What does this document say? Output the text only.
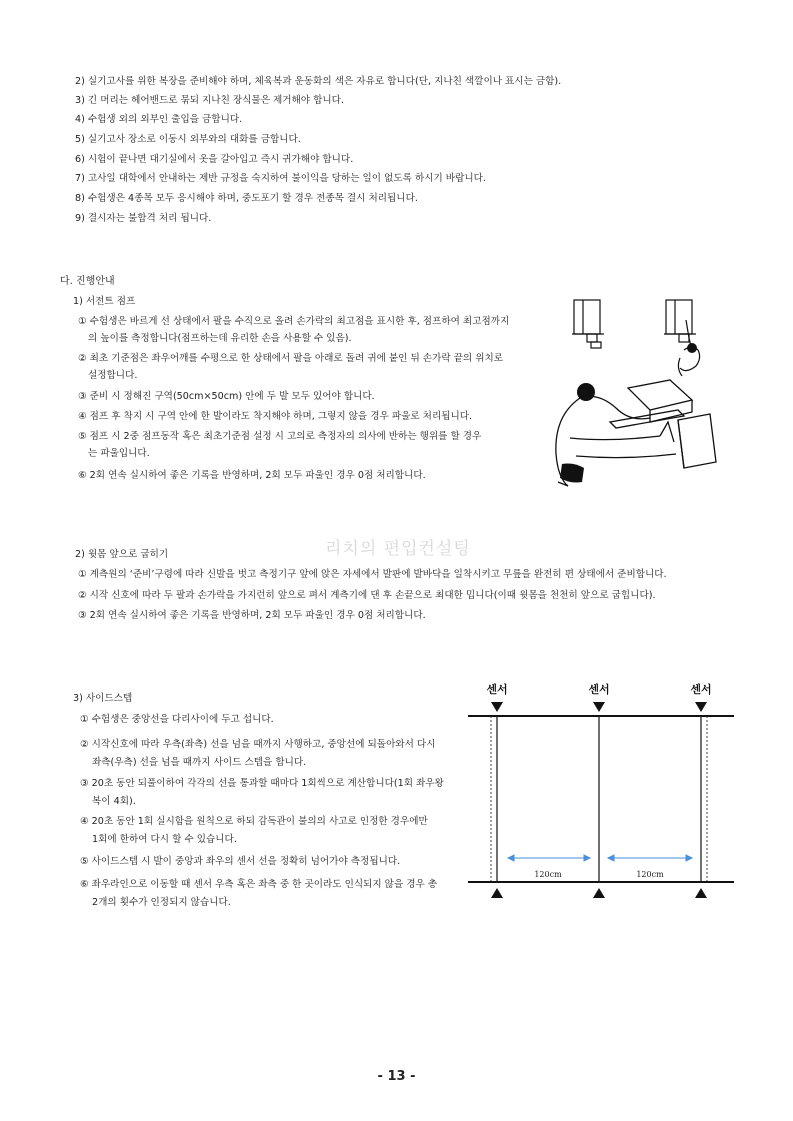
2) 실기고사를 위한 복장을 준비해야 하며, 체육복과 운동화의 색은 자유로 합니다(단, 지나친 색깔이나 표시는 금함).
3) 긴 머리는 헤어밴드로 묶되 지나친 장식물은 제거해야 합니다.
4) 수험생 외의 외부인 출입을 금합니다.
5) 실기고사 장소로 이동시 외부와의 대화를 금합니다.
6) 시험이 끝나면 대기실에서 옷을 갈아입고 즉시 귀가해야 합니다.
7) 고사일 대학에서 안내하는 제반 규정을 숙지하여 불이익을 당하는 일이 없도록 하시기 바랍니다.
8) 수험생은 4종목 모두 응시해야 하며, 중도포기 할 경우 전종목 결시 처리됩니다.
9) 결시자는 불합격 처리 됩니다.
다. 진행안내
1) 서전트 점프
① 수험생은 바르게 선 상태에서 팔을 수직으로 올려 손가락의 최고점을 표시한 후, 점프하여 최고점까지
의 높이를 측정합니다(점프하는데 유리한 손을 사용할 수 있음).
② 최초 기준점은 좌우어깨를 수평으로 한 상태에서 팔을 아래로 돌려 귀에 붙인 뒤 손가락 끝의 위치로
설정합니다.
③ 준비 시 정해진 구역(50cm×50cm) 안에 두 발 모두 있어야 합니다.
④ 점프 후 착지 시 구역 안에 한 발이라도 착지해야 하며, 그렇지 않을 경우 파울로 처리됩니다.
⑤ 점프 시 2중 점프동작 혹은 최초기준점 설정 시 고의로 측정자의 의사에 반하는 행위를 할 경우
는 파울입니다.
⑥ 2회 연속 실시하여 좋은 기록을 반영하며, 2회 모두 파울인 경우 0점 처리합니다.
리치의 편입컨설팅
2) 윗몸 앞으로 굽히기
① 계측원의 ‘준비’구령에 따라 신발을 벗고 측정기구 앞에 앉은 자세에서 발판에 발바닥을 일착시키고 무릎을 완전히 편 상태에서 준비합니다.
② 시작 신호에 따라 두 팔과 손가락을 가지런히 앞으로 펴서 계측기에 댄 후 손끝으로 최대한 밉니다(이때 윗몸을 천천히 앞으로 굽힙니다).
③ 2회 연속 실시하여 좋은 기록을 반영하며, 2회 모두 파울인 경우 0점 처리합니다.
3) 사이드스텝
① 수험생은 중앙선을 다리사이에 두고 섭니다.
② 시작신호에 따라 우측(좌측) 선을 넘을 때까지 사행하고, 중앙선에 되돌아와서 다시
좌측(우측) 선을 넘을 때까지 사이드 스텝을 합니다.
③ 20초 동안 되풀이하여 각각의 선을 통과할 때마다 1회씩으로 계산합니다(1회 좌우왕
복이 4회).
④ 20초 동안 1회 실시함을 원칙으로 하되 감독관이 불의의 사고로 인정한 경우에만
1회에 한하여 다시 할 수 있습니다.
⑤ 사이드스텝 시 발이 중앙과 좌우의 센서 선을 정확히 넘어가야 측정됩니다.
⑥ 좌우라인으로 이동할 때 센서 우측 혹은 좌측 중 한 곳이라도 인식되지 않을 경우 총
2개의 횟수가 인정되지 않습니다.
센서	센서	센서
120cm	120cm
- 13 -
